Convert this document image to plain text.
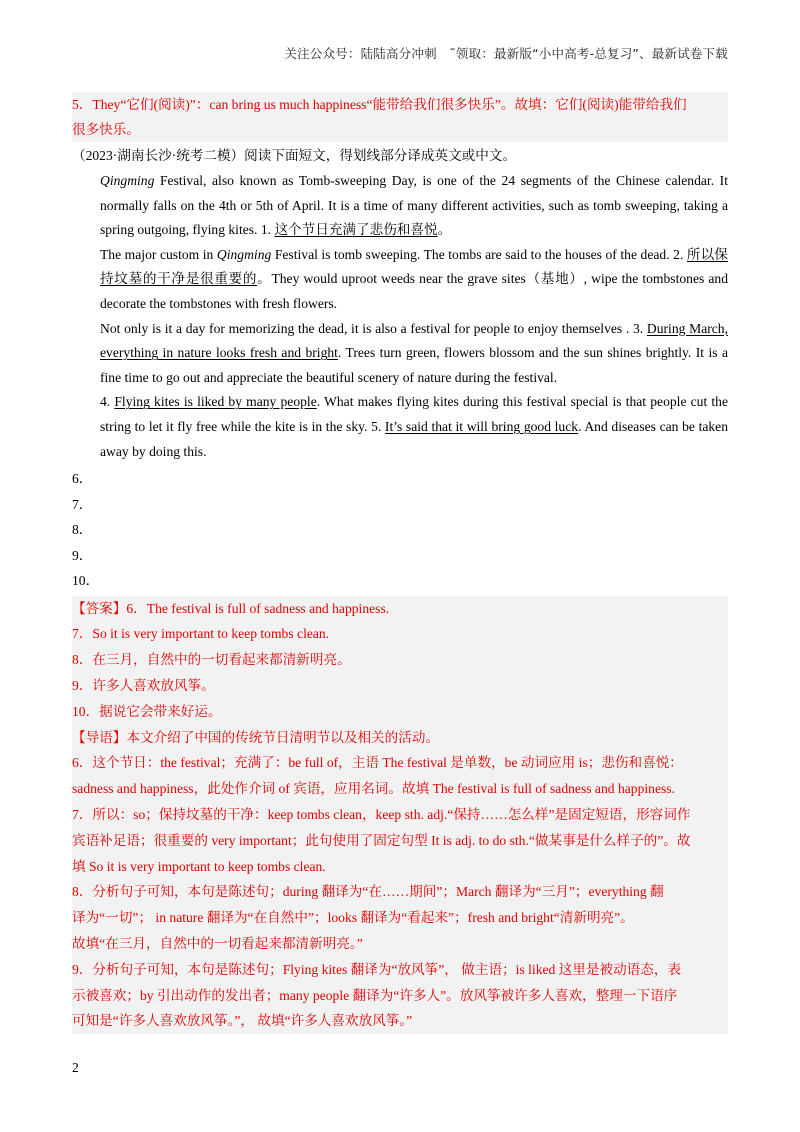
关注公众号：陆陆高分冲刺　˜领取：最新版“小中高考-总复习”、最新试卷下载
5．They“它们(阅读)”：can bring us much happiness“能带给我们很多快乐”。故填：它们(阅读)能带给我们
很多快乐。
（2023·湖南长沙·统考二模）阅读下面短文，得划线部分译成英文或中文。
Qingming Festival, also known as Tomb-sweeping Day, is one of the 24 segments of the Chinese calendar. It normally falls on the 4th or 5th of April. It is a time of many different activities, such as tomb sweeping, taking a spring outgoing, flying kites. 1. 这个节日充满了悲伤和喜悦。
The major custom in Qingming Festival is tomb sweeping. The tombs are said to the houses of the dead. 2. 所以保持坟墓的干净是很重要的。They would uproot weeds near the grave sites（基地）, wipe the tombstones and decorate the tombstones with fresh flowers.
Not only is it a day for memorizing the dead, it is also a festival for people to enjoy themselves . 3. During March, everything in nature looks fresh and bright. Trees turn green, flowers blossom and the sun shines brightly. It is a fine time to go out and appreciate the beautiful scenery of nature during the festival.
4. Flying kites is liked by many people. What makes flying kites during this festival special is that people cut the string to let it fly free while the kite is in the sky. 5. It’s said that it will bring good luck. And diseases can be taken away by doing this.
6．
7．
8．
9．
10．
【答案】6．The festival is full of sadness and happiness.
7．So it is very important to keep tombs clean.
8．在三月，自然中的一切看起来都清新明亮。
9．许多人喜欢放风筝。
10．据说它会带来好运。
【导语】本文介绍了中国的传统节日清明节以及相关的活动。
6．这个节日：the festival；充满了：be full of，主语 The festival 是单数，be 动词应用 is；悲伤和喜悦：
sadness and happiness，此处作介词 of 宾语，应用名词。故填 The festival is full of sadness and happiness.
7．所以：so；保持坟墓的干净：keep tombs clean，keep sth. adj.“保持……怎么样”是固定短语，形容词作
宾语补足语；很重要的 very important；此句使用了固定句型 It is adj. to do sth.“做某事是什么样子的”。故
填 So it is very important to keep tombs clean.
8．分析句子可知，本句是陈述句；during 翻译为“在……期间”；March 翻译为“三月”；everything 翻
译为“一切”； in nature 翻译为“在自然中”；looks 翻译为“看起来”；fresh and bright“清新明亮”。
故填“在三月，自然中的一切看起来都清新明亮。”
9．分析句子可知，本句是陈述句；Flying kites 翻译为“放风筝”， 做主语；is liked 这里是被动语态，表
示被喜欢；by 引出动作的发出者；many people 翻译为“许多人”。放风筝被许多人喜欢，整理一下语序
可知是“许多人喜欢放风筝。”， 故填“许多人喜欢放风筝。”
2
